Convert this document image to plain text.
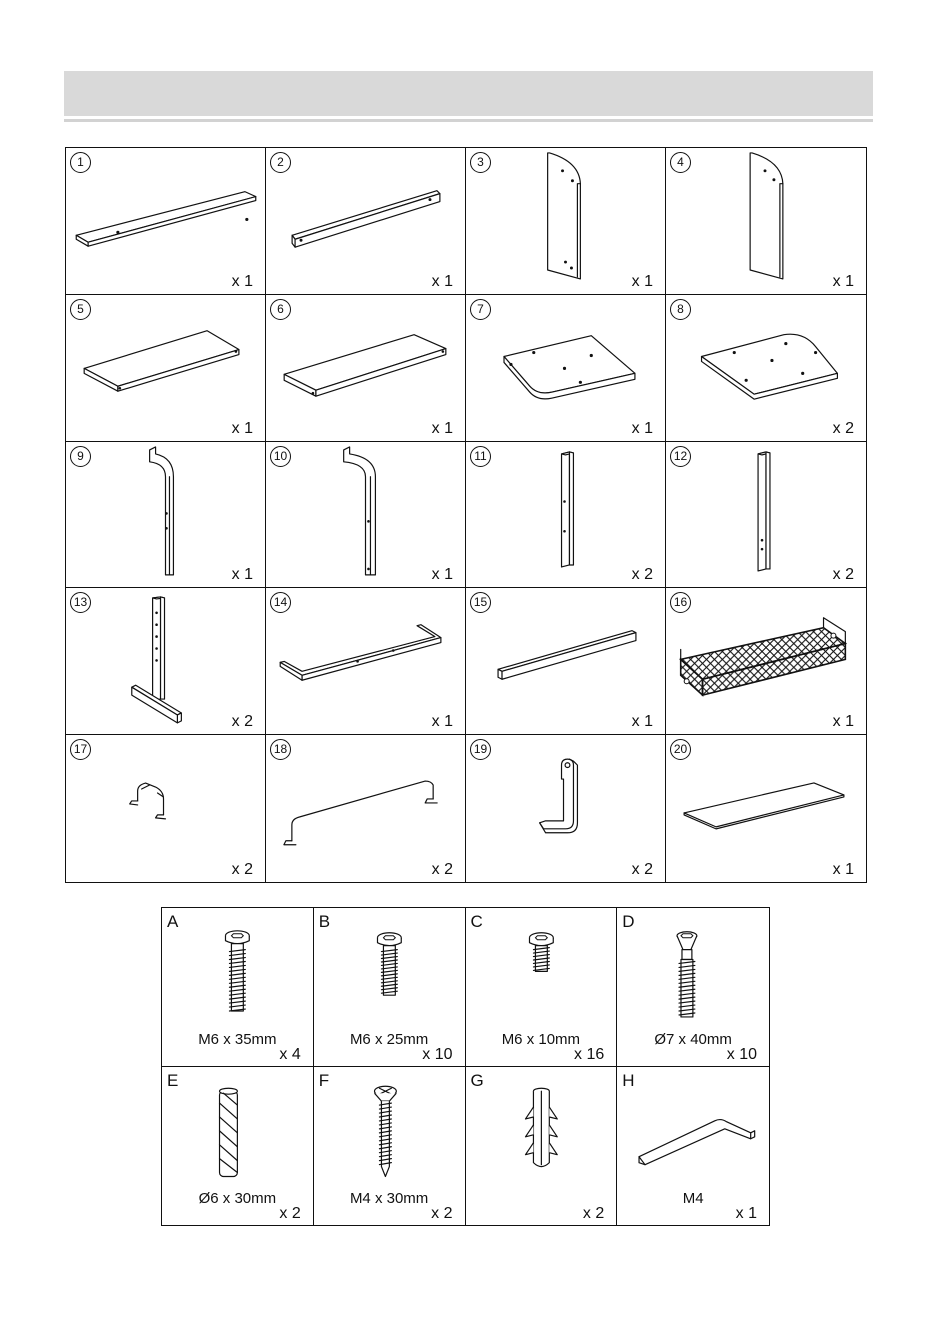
1
x 1
2
x 1
3
x 1
4
x 1
5
x 1
6
x 1
7
x 1
8
x 2
9
x 1
10
x 1
11
x 2
12
x 2
13
x 2
14
x 1
15
x 1
16
x 1
17
x 2
18
x 2
19
x 2
20
x 1
A
M6 x 35mm
x 4
B
M6 x 25mm
x 10
C
M6 x 10mm
x 16
D
Ø7 x 40mm
x 10
E
Ø6 x 30mm
x 2
F
M4 x 30mm
x 2
G
x 2
H
M4
x 1
